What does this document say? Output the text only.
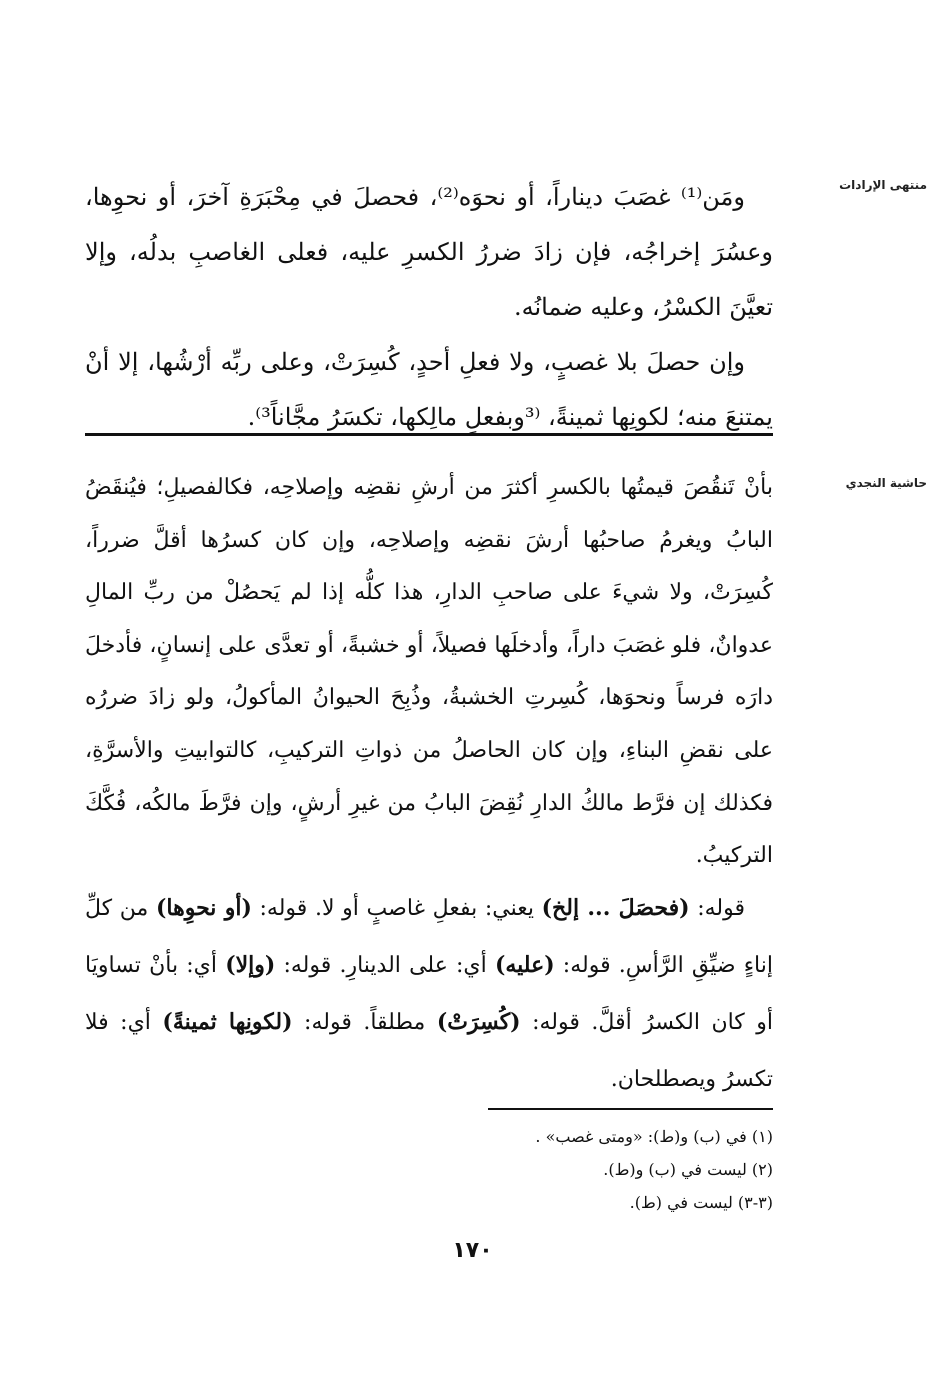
منتهى الإرادات

ومَن⁽¹⁾ غصَبَ ديناراً، أو نحوَه⁽²⁾، فحصلَ في مِحْبَرَةِ آخرَ، أو نحوِها، وعسُرَ إخراجُه، فإن زادَ ضررُ الكسرِ عليه، فعلى الغاصبِ بدلُه، وإلا تعيَّنَ الكسْرُ، وعليه ضمانُه.

وإن حصلَ بلا غصبٍ، ولا فعلِ أحدٍ، كُسِرَتْ، وعلى ربِّه أرْشُها، إلا أنْ يمتنعَ منه؛ لكونِها ثمينةً، ⁽³وبفعلِ مالِكها، تكسَرُ مجَّاناً³⁾.

حاشية النجدي

بأنْ تَنقُصَ قيمتُها بالكسرِ أكثرَ من أرشِ نقضِه وإصلاحِه، فكالفصيلِ؛ فيُنقَضُ البابُ ويغرمُ صاحبُها أرشَ نقضِه وإصلاحِه، وإن كان كسرُها أقلَّ ضرراً، كُسِرَتْ، ولا شيءَ على صاحبِ الدارِ، هذا كلُّه إذا لم يَحصُلْ من ربِّ المالِ عدوانٌ، فلو غصَبَ داراً، وأدخلَها فصيلاً، أو خشبةً، أو تعدَّى على إنسانٍ، فأدخلَ دارَه فرساً ونحوَها، كُسِرتِ الخشبةُ، وذُبِحَ الحيوانُ المأكولُ، ولو زادَ ضررُه على نقضِ البناءِ، وإن كان الحاصلُ من ذواتِ التركيبِ، كالتوابيتِ والأسرَّةِ، فكذلك إن فرَّط مالكُ الدارِ نُقِضَ البابُ من غيرِ أرشٍ، وإن فرَّطَ مالكُه، فُكَّكَ التركيبُ.

قوله: (فحصَلَ ... إلخ) يعني: بفعلِ غاصبٍ أو لا. قوله: (أو نحوِها) من كلِّ إناءٍ ضيِّقِ الرَّأسِ. قوله: (عليه) أي: على الدينارِ. قوله: (وإلا) أي: بأنْ تساويَا أو كان الكسرُ أقلَّ. قوله: (كُسِرَتْ) مطلقاً. قوله: (لكونِها ثمينةً) أي: فلا تكسرُ ويصطلحان.

(١) في (ب) و(ط): «ومتى غصب» .
(٢) ليست في (ب) و(ط).
(٣-٣) ليست في (ط).
١٧٠
